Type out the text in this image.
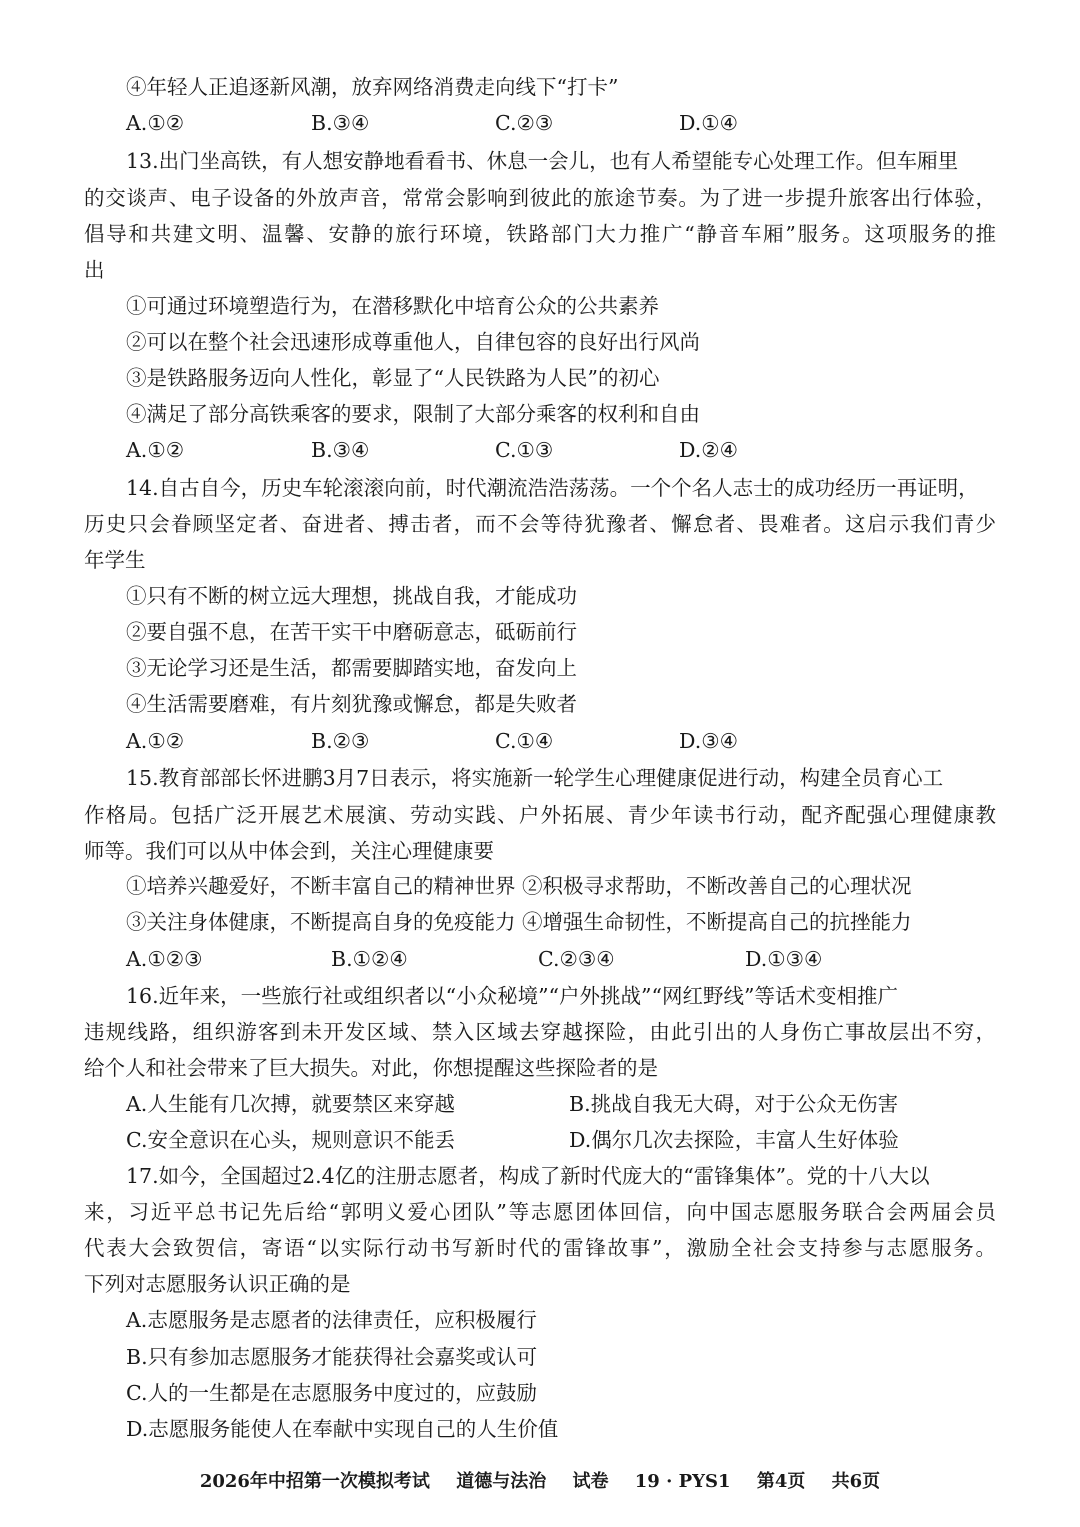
④年轻人正追逐新风潮，放弃网络消费走向线下“打卡”
A.①②	B.③④	C.②③	D.①④
13.出门坐高铁，有人想安静地看看书、休息一会儿，也有人希望能专心处理工作。但车厢里
的交谈声、电子设备的外放声音，常常会影响到彼此的旅途节奏。为了进一步提升旅客出行体验，
倡导和共建文明、温馨、安静的旅行环境，铁路部门大力推广“静音车厢”服务。这项服务的推
出
①可通过环境塑造行为，在潜移默化中培育公众的公共素养
②可以在整个社会迅速形成尊重他人，自律包容的良好出行风尚
③是铁路服务迈向人性化，彰显了“人民铁路为人民”的初心
④满足了部分高铁乘客的要求，限制了大部分乘客的权利和自由
A.①②	B.③④	C.①③	D.②④
14.自古自今，历史车轮滚滚向前，时代潮流浩浩荡荡。一个个名人志士的成功经历一再证明，
历史只会眷顾坚定者、奋进者、搏击者，而不会等待犹豫者、懈怠者、畏难者。这启示我们青少
年学生
①只有不断的树立远大理想，挑战自我，才能成功
②要自强不息，在苦干实干中磨砺意志，砥砺前行
③无论学习还是生活，都需要脚踏实地，奋发向上
④生活需要磨难，有片刻犹豫或懈怠，都是失败者
A.①②	B.②③	C.①④	D.③④
15.教育部部长怀进鹏3月7日表示，将实施新一轮学生心理健康促进行动，构建全员育心工
作格局。包括广泛开展艺术展演、劳动实践、户外拓展、青少年读书行动，配齐配强心理健康教
师等。我们可以从中体会到，关注心理健康要
①培养兴趣爱好，不断丰富自己的精神世界 ②积极寻求帮助，不断改善自己的心理状况
③关注身体健康，不断提高自身的免疫能力 ④增强生命韧性，不断提高自己的抗挫能力
A.①②③	B.①②④	C.②③④	D.①③④
16.近年来，一些旅行社或组织者以“小众秘境”“户外挑战”“网红野线”等话术变相推广
违规线路，组织游客到未开发区域、禁入区域去穿越探险，由此引出的人身伤亡事故层出不穷，
给个人和社会带来了巨大损失。对此，你想提醒这些探险者的是
A.人生能有几次搏，就要禁区来穿越	B.挑战自我无大碍，对于公众无伤害
C.安全意识在心头，规则意识不能丢	D.偶尔几次去探险，丰富人生好体验
17.如今，全国超过2.4亿的注册志愿者，构成了新时代庞大的“雷锋集体”。党的十八大以
来，习近平总书记先后给“郭明义爱心团队”等志愿团体回信，向中国志愿服务联合会两届会员
代表大会致贺信，寄语“以实际行动书写新时代的雷锋故事”，激励全社会支持参与志愿服务。
下列对志愿服务认识正确的是
A.志愿服务是志愿者的法律责任，应积极履行
B.只有参加志愿服务才能获得社会嘉奖或认可
C.人的一生都是在志愿服务中度过的，应鼓励
D.志愿服务能使人在奉献中实现自己的人生价值
2026年中招第一次模拟考试 道德与法治 试卷 19 · PYS1 第4页 共6页
